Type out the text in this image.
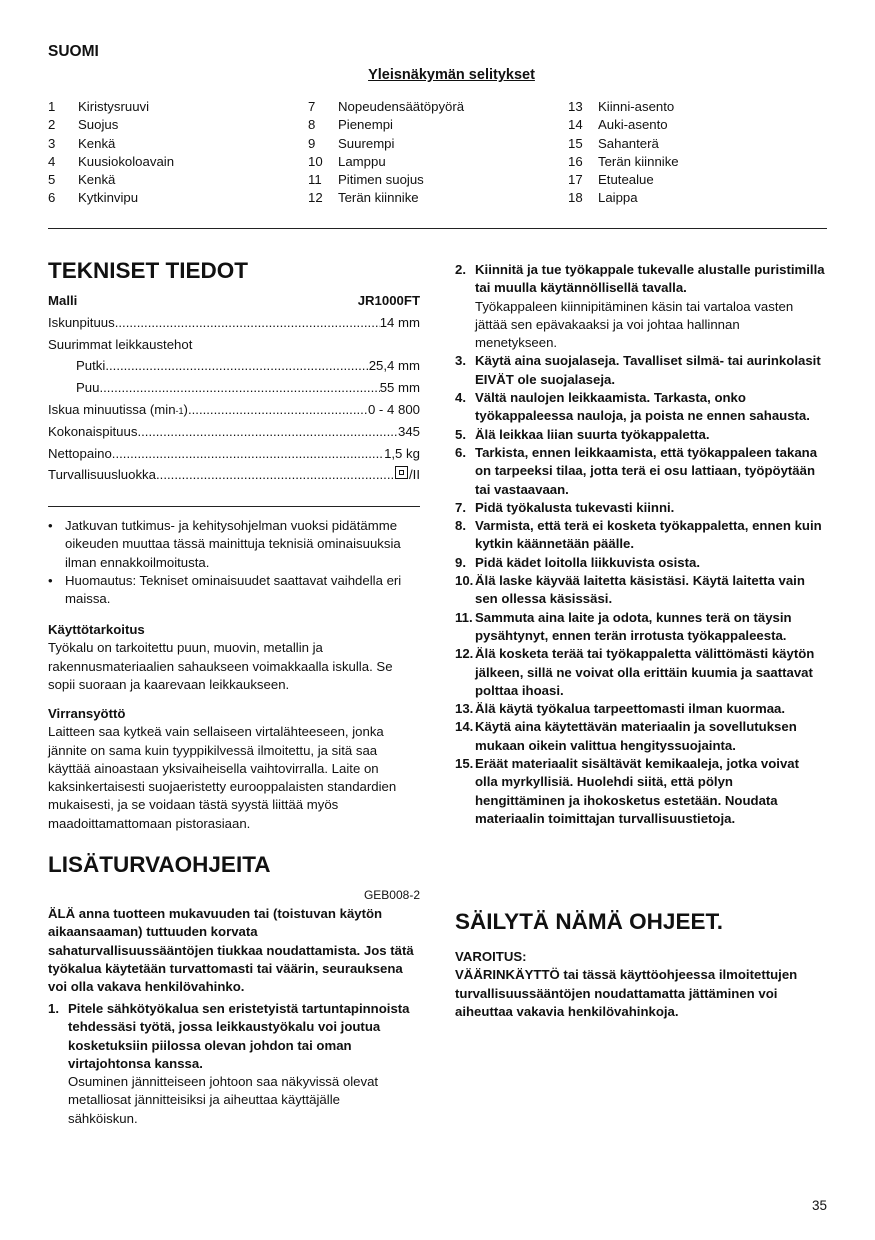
SUOMI
Yleisnäkymän selitykset
1	Kiristysruuvi
2	Suojus
3	Kenkä
4	Kuusiokoloavain
5	Kenkä
6	Kytkinvipu
7	Nopeudensäätöpyörä
8	Pienempi
9	Suurempi
10	Lamppu
11	Pitimen suojus
12	Terän kiinnike
13	Kiinni-asento
14	Auki-asento
15	Sahanterä
16	Terän kiinnike
17	Etutealue
18	Laippa
TEKNISET TIEDOT
Malli	JR1000FT
Iskunpituus .....	14 mm
Suurimmat leikkaustehot
Putki .....	25,4 mm
Puu .....	55 mm
Iskua minuutissa (min -1 ) .....	0 - 4 800
Kokonaispituus .....	345
Nettopaino .....	1,5 kg
Turvallisuusluokka .....	/II
• Jatkuvan tutkimus- ja kehitysohjelman vuoksi pidätämme oikeuden muuttaa tässä mainittuja teknisiä ominaisuuksia ilman ennakkoilmoitusta.
• Huomautus: Tekniset ominaisuudet saattavat vaihdella eri maissa.
Käyttötarkoitus
Työkalu on tarkoitettu puun, muovin, metallin ja rakennusmateriaalien sahaukseen voimakkaalla iskulla. Se sopii suoraan ja kaarevaan leikkaukseen.
Virransyöttö
Laitteen saa kytkeä vain sellaiseen virtalähteeseen, jonka jännite on sama kuin tyyppikilvessä ilmoitettu, ja sitä saa käyttää ainoastaan yksivaiheisella vaihtovirralla. Laite on kaksinkertaisesti suojaeristetty eurooppalaisten standardien mukaisesti, ja se voidaan tästä syystä liittää myös maadoittamattomaan pistorasiaan.
LISÄTURVAOHJEITA
GEB008-2
ÄLÄ anna tuotteen mukavuuden tai (toistuvan käytön aikaansaaman) tuttuuden korvata sahaturvallisuussääntöjen tiukkaa noudattamista. Jos tätä työkalua käytetään turvattomasti tai väärin, seurauksena voi olla vakava henkilövahinko.
1. Pitele sähkötyökalua sen eristetyistä tartuntapinnoista tehdessäsi työtä, jossa leikkaustyökalu voi joutua kosketuksiin piilossa olevan johdon tai oman virtajohtonsa kanssa.
Osuminen jännitteiseen johtoon saa näkyvissä olevat metalliosat jännitteisiksi ja aiheuttaa käyttäjälle sähköiskun.
2. Kiinnitä ja tue työkappale tukevalle alustalle puristimilla tai muulla käytännöllisellä tavalla.
Työkappaleen kiinnipitäminen käsin tai vartaloa vasten jättää sen epävakaaksi ja voi johtaa hallinnan menetykseen.
3. Käytä aina suojalaseja. Tavalliset silmä- tai aurinkolasit EIVÄT ole suojalaseja.
4. Vältä naulojen leikkaamista. Tarkasta, onko työkappaleessa nauloja, ja poista ne ennen sahausta.
5. Älä leikkaa liian suurta työkappaletta.
6. Tarkista, ennen leikkaamista, että työkappaleen takana on tarpeeksi tilaa, jotta terä ei osu lattiaan, työpöytään tai vastaavaan.
7. Pidä työkalusta tukevasti kiinni.
8. Varmista, että terä ei kosketa työkappaletta, ennen kuin kytkin käännetään päälle.
9. Pidä kädet loitolla liikkuvista osista.
10. Älä laske käyvää laitetta käsistäsi. Käytä laitetta vain sen ollessa käsissäsi.
11. Sammuta aina laite ja odota, kunnes terä on täysin pysähtynyt, ennen terän irrotusta työkappaleesta.
12. Älä kosketa terää tai työkappaletta välittömästi käytön jälkeen, sillä ne voivat olla erittäin kuumia ja saattavat polttaa ihoasi.
13. Älä käytä työkalua tarpeettomasti ilman kuormaa.
14. Käytä aina käytettävän materiaalin ja sovellutuksen mukaan oikein valittua hengityssuojainta.
15. Eräät materiaalit sisältävät kemikaaleja, jotka voivat olla myrkyllisiä. Huolehdi siitä, että pölyn hengittäminen ja ihokosketus estetään. Noudata materiaalin toimittajan turvallisuustietoja.
SÄILYTÄ NÄMÄ OHJEET.
VAROITUS:
VÄÄRINKÄYTTÖ tai tässä käyttöohjeessa ilmoitettujen turvallisuussääntöjen noudattamatta jättäminen voi aiheuttaa vakavia henkilövahinkoja.
35
